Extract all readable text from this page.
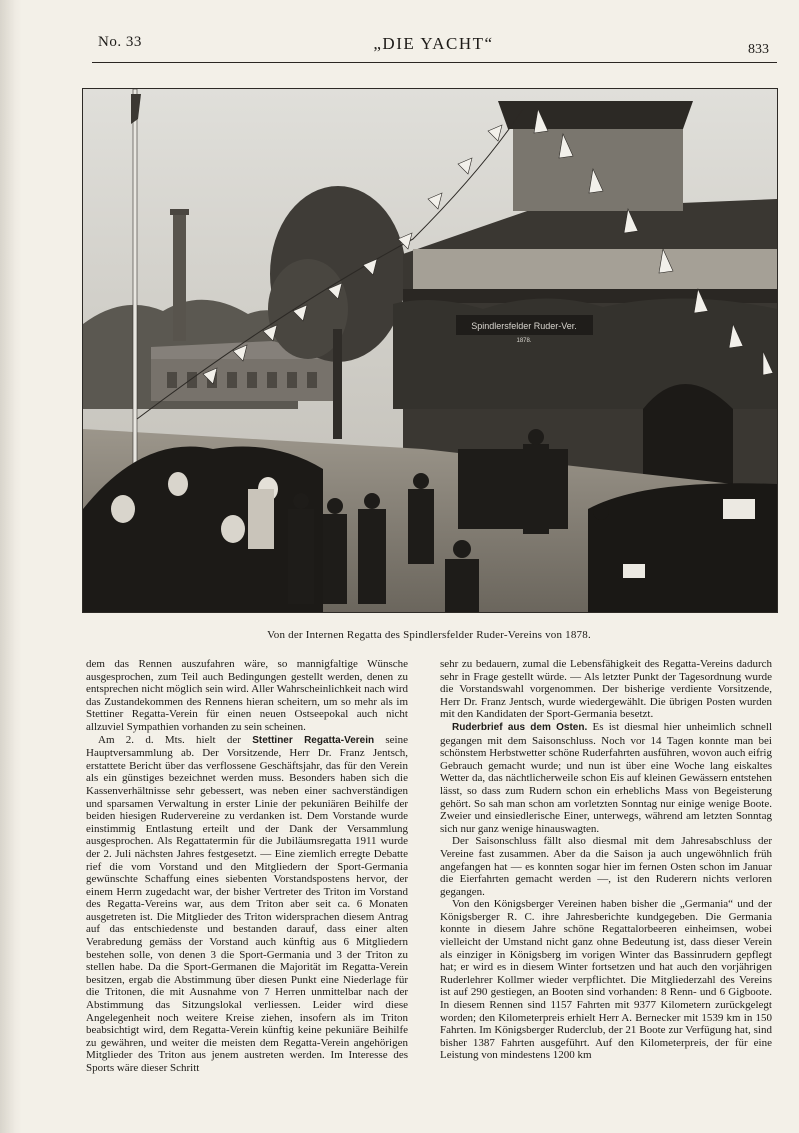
No. 33	„DIE YACHT“	833
Spindlersfelder Ruder-Ver.
1878.
Von der Internen Regatta des Spindlersfelder Ruder-Vereins von 1878.

dem das Rennen auszufahren wäre, so mannigfaltige Wünsche ausgesprochen, zum Teil auch Bedingungen gestellt werden, denen zu entsprechen nicht möglich sein wird. Aller Wahrscheinlichkeit nach wird das Zustandekommen des Rennens hieran scheitern, um so mehr als im Stettiner Regatta-Verein für einen neuen Ostseepokal auch nicht allzuviel Sympathien vorhanden zu sein scheinen.

Am 2. d. Mts. hielt der Stettiner Regatta-Verein seine Hauptversammlung ab. Der Vorsitzende, Herr Dr. Franz Jentsch, erstattete Bericht über das verflossene Geschäftsjahr, das für den Verein als ein günstiges bezeichnet werden muss. Besonders haben sich die Kassenverhältnisse sehr gebessert, was neben einer sachverständigen und sparsamen Verwaltung in erster Linie der pekuniären Beihilfe der beiden hiesigen Rudervereine zu verdanken ist. Dem Vorstande wurde einstimmig Entlastung erteilt und der Dank der Versammlung ausgesprochen. Als Regattatermin für die Jubiläumsregatta 1911 wurde der 2. Juli nächsten Jahres festgesetzt. — Eine ziemlich erregte Debatte rief die vom Vorstand und den Mitgliedern der Sport-Germania gewünschte Schaffung eines siebenten Vorstandspostens hervor, der einem Herrn zugedacht war, der bisher Vertreter des Triton im Vorstand des Regatta-Vereins war, aus dem Triton aber seit ca. 6 Monaten ausgetreten ist. Die Mitglieder des Triton widersprachen diesem Antrag auf das entschiedenste und bestanden darauf, dass einer alten Verabredung gemäss der Vorstand auch künftig aus 6 Mitgliedern bestehen solle, von denen 3 die Sport-Germania und 3 der Triton zu stellen habe. Da die Sport-Germanen die Majorität im Regatta-Verein besitzen, ergab die Abstimmung über diesen Punkt eine Niederlage für die Tritonen, die mit Ausnahme von 7 Herren unmittelbar nach der Abstimmung das Sitzungslokal verliessen. Leider wird diese Angelegenheit noch weitere Kreise ziehen, insofern als im Triton beabsichtigt wird, dem Regatta-Verein künftig keine pekuniäre Beihilfe zu gewähren, und weiter die meisten dem Regatta-Verein angehörigen Mitglieder des Triton aus jenem austreten werden. Im Interesse des Sports wäre dieser Schritt

sehr zu bedauern, zumal die Lebensfähigkeit des Regatta-Vereins dadurch sehr in Frage gestellt würde. — Als letzter Punkt der Tagesordnung wurde die Vorstandswahl vorgenommen. Der bisherige verdiente Vorsitzende, Herr Dr. Franz Jentsch, wurde wiedergewählt. Die übrigen Posten wurden mit den Kandidaten der Sport-Germania besetzt.

Ruderbrief aus dem Osten. Es ist diesmal hier unheimlich schnell gegangen mit dem Saisonschluss. Noch vor 14 Tagen konnte man bei schönstem Herbstwetter schöne Ruderfahrten ausführen, wovon auch eifrig Gebrauch gemacht wurde; und nun ist über eine Woche lang eiskaltes Wetter da, das nächtlicherweile schon Eis auf kleinen Gewässern entstehen lässt, so dass zum Rudern schon ein erheblichs Mass von Begeisterung gehört. So sah man schon am vorletzten Sonntag nur einige wenige Boote. Zweier und einsiedlerische Einer, unterwegs, während am letzten Sonntag sich nur ganz wenige hinauswagten.

Der Saisonschluss fällt also diesmal mit dem Jahresabschluss der Vereine fast zusammen. Aber da die Saison ja auch ungewöhnlich früh angefangen hat — es konnten sogar hier im fernen Osten schon im Januar die Eierfahrten gemacht werden —, ist den Ruderern nichts verloren gegangen.

Von den Königsberger Vereinen haben bisher die „Germania“ und der Königsberger R. C. ihre Jahresberichte kundgegeben. Die Germania konnte in diesem Jahre schöne Regattalorbeeren einheimsen, wobei vielleicht der Umstand nicht ganz ohne Bedeutung ist, dass dieser Verein als einziger in Königsberg im vorigen Winter das Bassinrudern gepflegt hat; er wird es in diesem Winter fortsetzen und hat auch den vorjährigen Ruderlehrer Kollmer wieder verpflichtet. Die Mitgliederzahl des Vereins ist auf 290 gestiegen, an Booten sind vorhanden: 8 Renn- und 6 Gigboote. In diesem Rennen sind 1157 Fahrten mit 9377 Kilometern zurückgelegt worden; den Kilometerpreis erhielt Herr A. Bernecker mit 1539 km in 150 Fahrten. Im Königsberger Ruderclub, der 21 Boote zur Verfügung hat, sind bisher 1387 Fahrten ausgeführt. Auf den Kilometerpreis, der für eine Leistung von mindestens 1200 km
